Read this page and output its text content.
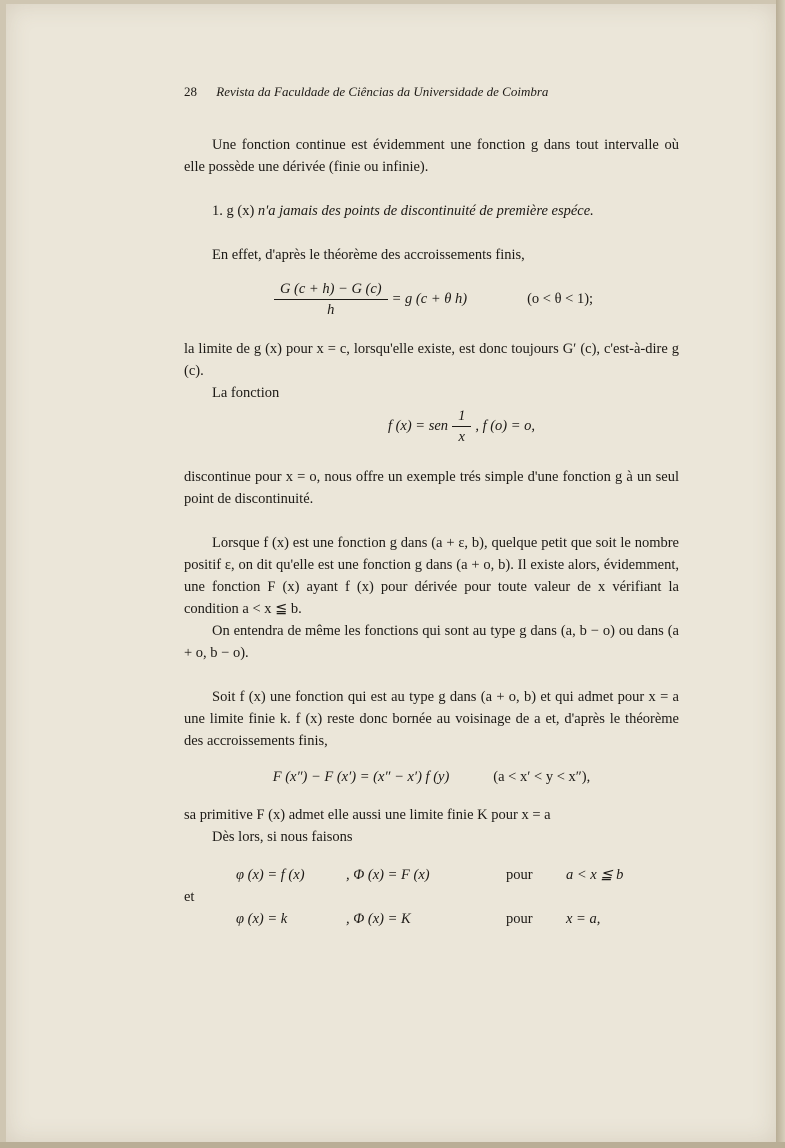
28 Revista da Faculdade de Ciências da Universidade de Coimbra

Une fonction continue est évidemment une fonction g dans tout intervalle où elle possède une dérivée (finie ou infinie).

1. g (x) n'a jamais des points de discontinuité de première espéce.

En effet, d'après le théorème des accroissements finis,

$\frac{G (c + h) - G (c)}{h} = g$ (c + θ h)	(o < θ < 1);

la limite de g (x) pour x = c, lorsqu'elle existe, est donc toujours G′ (c), c'est-à-dire g (c).

La fonction

f (x) = sen $\frac{1}{x}$ , f (o) = o,

discontinue pour x = o, nous offre un exemple trés simple d'une fonction g à un seul point de discontinuité.

Lorsque f (x) est une fonction g dans (a + ε, b), quelque petit que soit le nombre positif ε, on dit qu'elle est une fonction g dans (a + o, b). Il existe alors, évidemment, une fonction F (x) ayant f (x) pour dérivée pour toute valeur de x vérifiant la condition a < x ≦ b.

On entendra de même les fonctions qui sont au type g dans (a, b − o) ou dans (a + o, b − o).

Soit f (x) une fonction qui est au type g dans (a + o, b) et qui admet pour x = a une limite finie k. f (x) reste donc bornée au voisinage de a et, d'après le théorème des accroissements finis,

F (x″) − F (x′) = (x″ − x′) f (y)	(a < x′ < y < x″),

sa primitive F (x) admet elle aussi une limite finie K pour x = a

Dès lors, si nous faisons

φ (x) = f (x)	, Φ (x) = F (x)	pour	a < x ≦ b
et
φ (x) = k	, Φ (x) = K	pour	x = a,
